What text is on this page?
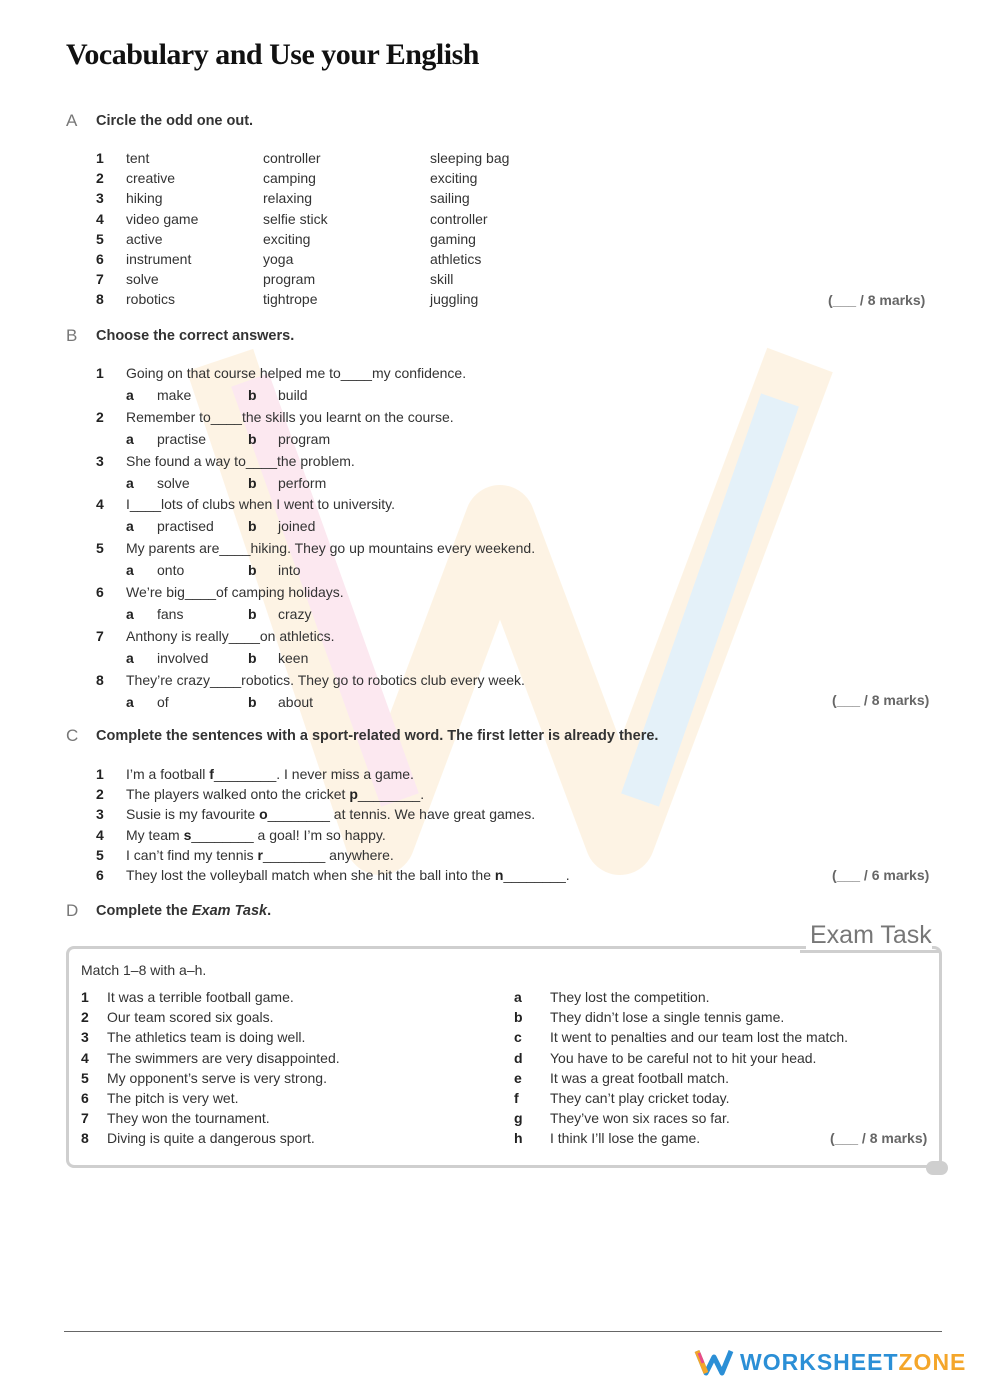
Vocabulary and Use your English
A Circle the odd one out.
1 tent	controller	sleeping bag
2 creative	camping	exciting
3 hiking	relaxing	sailing
4 video game	selfie stick	controller
5 active	exciting	gaming
6 instrument	yoga	athletics
7 solve	program	skill
8 robotics	tightrope	juggling	(___ / 8 marks)
B Choose the correct answers.
1 Going on that course helped me to____my confidence.
a make	b build
2 Remember to____the skills you learnt on the course.
a practise	b program
3 She found a way to____the problem.
a solve	b perform
4 I____lots of clubs when I went to university.
a practised b joined
5 My parents are____hiking. They go up mountains every weekend.
a onto	b into
6 We’re big____of camping holidays.
a fans	b crazy
7 Anthony is really____on athletics.
a involved	b keen
8 They’re crazy____robotics. They go to robotics club every week.
a of	b about	(___ / 8 marks)
C Complete the sentences with a sport-related word. The first letter is already there.
1 I’m a football f________. I never miss a game.
2 The players walked onto the cricket p________.
3 Susie is my favourite o________ at tennis. We have great games.
4 My team s________ a goal! I’m so happy.
5 I can’t find my tennis r________ anywhere.
6 They lost the volleyball match when she hit the ball into the n________.	(___ / 6 marks)
D Complete the Exam Task.
Exam Task
Match 1–8 with a–h.
1 It was a terrible football game.
2 Our team scored six goals.
3 The athletics team is doing well.
4 The swimmers are very disappointed.
5 My opponent’s serve is very strong.
6 The pitch is very wet.
7 They won the tournament.
8 Diving is quite a dangerous sport.
a They lost the competition.
b They didn’t lose a single tennis game.
c It went to penalties and our team lost the match.
d You have to be careful not to hit your head.
e It was a great football match.
f They can’t play cricket today.
g They’ve won six races so far.
h I think I’ll lose the game.	(___ / 8 marks)
WORKSHEETZONE
